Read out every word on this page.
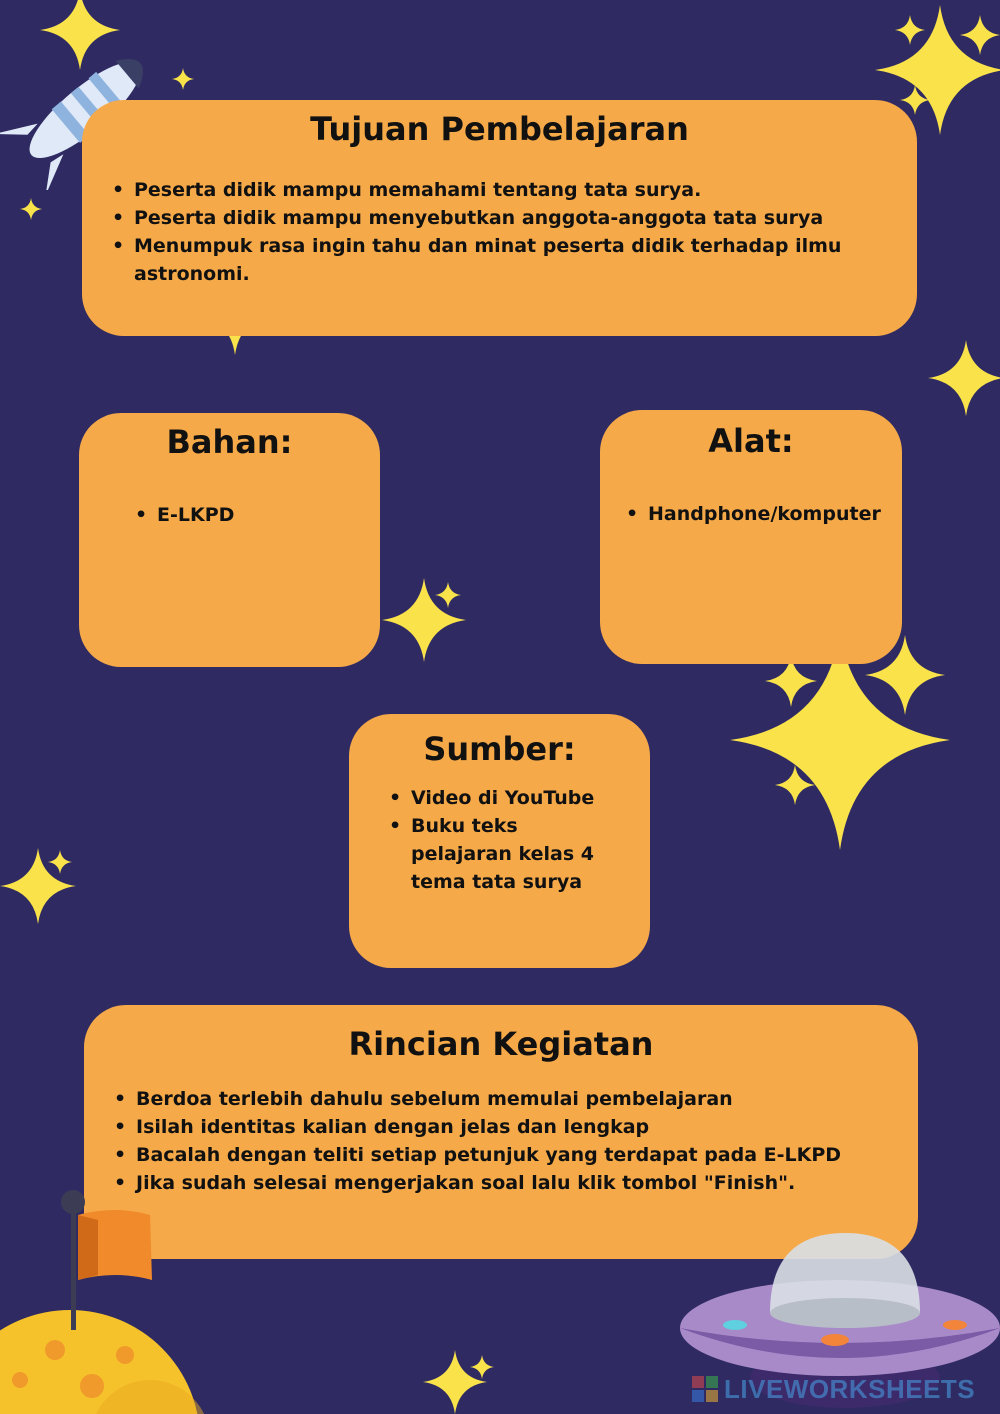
Tujuan Pembelajaran
• Peserta didik mampu memahami tentang tata surya.
• Peserta didik mampu menyebutkan anggota-anggota tata surya
• Menumpuk rasa ingin tahu dan minat peserta didik terhadap ilmu astronomi.
Bahan:
• E-LKPD
Alat:
• Handphone/komputer
Sumber:
• Video di YouTube
• Buku teks pelajaran kelas 4 tema tata surya
Rincian Kegiatan
• Berdoa terlebih dahulu sebelum memulai pembelajaran
• Isilah identitas kalian dengan jelas dan lengkap
• Bacalah dengan teliti setiap petunjuk yang terdapat pada E-LKPD
• Jika sudah selesai mengerjakan soal lalu klik tombol "Finish".
LIVEWORKSHEETS
